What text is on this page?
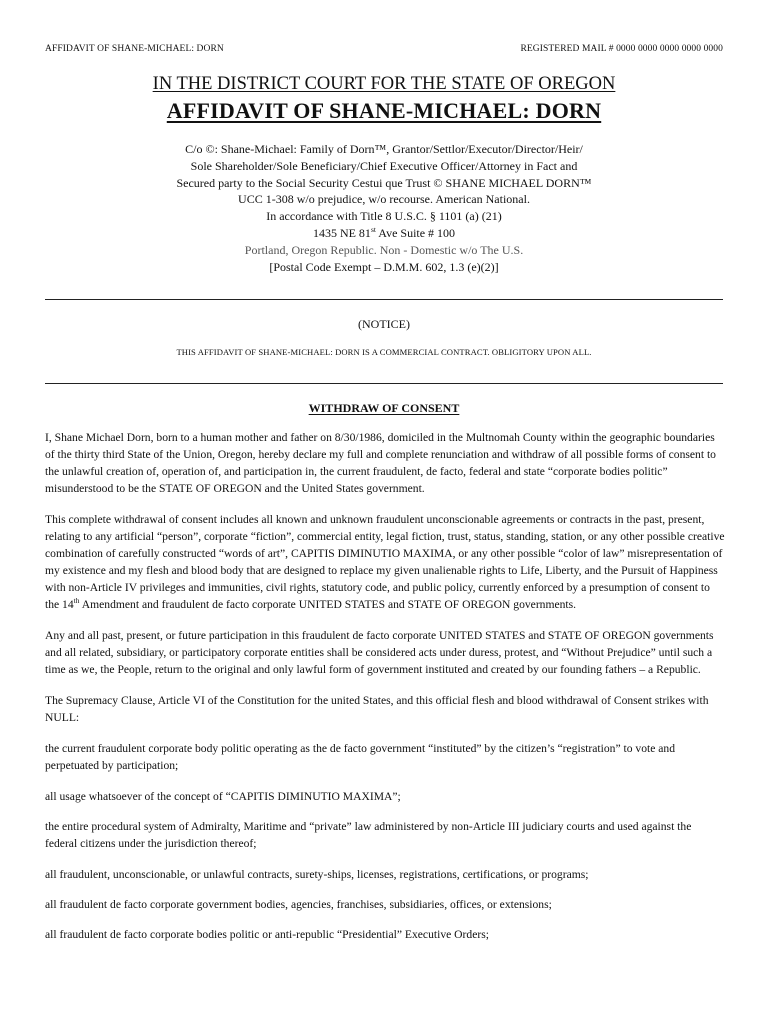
AFFIDAVIT OF SHANE-MICHAEL: DORN	REGISTERED MAIL # 0000 0000 0000 0000 0000
IN THE DISTRICT COURT FOR THE STATE OF OREGON
AFFIDAVIT OF SHANE-MICHAEL: DORN
C/o ©: Shane-Michael: Family of Dorn™, Grantor/Settlor/Executor/Director/Heir/
Sole Shareholder/Sole Beneficiary/Chief Executive Officer/Attorney in Fact and
Secured party to the Social Security Cestui que Trust © SHANE MICHAEL DORN™
UCC 1-308 w/o prejudice, w/o recourse. American National.
In accordance with Title 8 U.S.C. § 1101 (a) (21)
1435 NE 81st Ave Suite # 100
Portland, Oregon Republic. Non - Domestic w/o The U.S.
[Postal Code Exempt – D.M.M. 602, 1.3 (e)(2)]
(NOTICE)
THIS AFFIDAVIT OF SHANE-MICHAEL: DORN IS A COMMERCIAL CONTRACT. OBLIGITORY UPON ALL.
WITHDRAW OF CONSENT

I, Shane Michael Dorn, born to a human mother and father on 8/30/1986, domiciled in the Multnomah County within the geographic boundaries of the thirty third State of the Union, Oregon, hereby declare my full and complete renunciation and withdraw of all possible forms of consent to the unlawful creation of, operation of, and participation in, the current fraudulent, de facto, federal and state “corporate bodies politic” misunderstood to be the STATE OF OREGON and the United States government.

This complete withdrawal of consent includes all known and unknown fraudulent unconscionable agreements or contracts in the past, present, relating to any artificial “person”, corporate “fiction”, commercial entity, legal fiction, trust, status, standing, station, or any other possible creative combination of carefully constructed “words of art”, CAPITIS DIMINUTIO MAXIMA, or any other possible “color of law” misrepresentation of my existence and my flesh and blood body that are designed to replace my given unalienable rights to Life, Liberty, and the Pursuit of Happiness with non-Article IV privileges and immunities, civil rights, statutory code, and public policy, currently enforced by a presumption of consent to the 14th Amendment and fraudulent de facto corporate UNITED STATES and STATE OF OREGON governments.

Any and all past, present, or future participation in this fraudulent de facto corporate UNITED STATES and STATE OF OREGON governments and all related, subsidiary, or participatory corporate entities shall be considered acts under duress, protest, and “Without Prejudice” until such a time as we, the People, return to the original and only lawful form of government instituted and created by our founding fathers – a Republic.

The Supremacy Clause, Article VI of the Constitution for the united States, and this official flesh and blood withdrawal of Consent strikes with NULL:

the current fraudulent corporate body politic operating as the de facto government “instituted” by the citizen’s “registration” to vote and perpetuated by participation;

all usage whatsoever of the concept of “CAPITIS DIMINUTIO MAXIMA”;

the entire procedural system of Admiralty, Maritime and “private” law administered by non-Article III judiciary courts and used against the federal citizens under the jurisdiction thereof;

all fraudulent, unconscionable, or unlawful contracts, surety-ships, licenses, registrations, certifications, or programs;

all fraudulent de facto corporate government bodies, agencies, franchises, subsidiaries, offices, or extensions;

all fraudulent de facto corporate bodies politic or anti-republic “Presidential” Executive Orders;
